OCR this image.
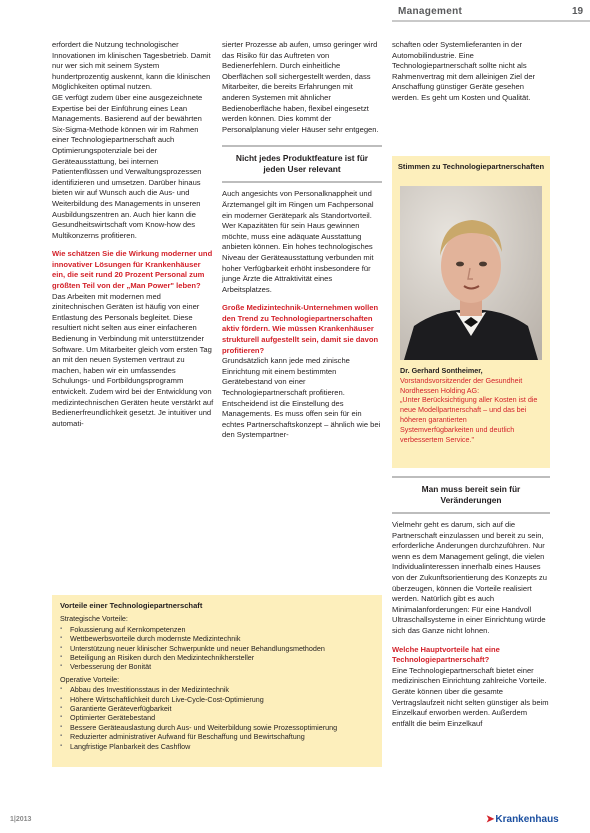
Management	19

erfordert die Nutzung technologischer Innovationen im klinischen Tagesbetrieb. Damit nur wer sich mit seinem System hundertprozentig auskennt, kann die klinischen Möglichkeiten optimal nutzen.

GE verfügt zudem über eine ausgezeichnete Expertise bei der Einführung eines Lean Managements. Basierend auf der bewährten Six-Sigma-Methode können wir im Rahmen einer Technologiepartnerschaft auch Optimierungspotenziale bei der Geräteausstattung, bei internen Patientenflüssen und Verwaltungsprozessen identifizieren und umsetzen. Darüber hinaus bieten wir auf Wunsch auch die Aus- und Weiterbildung des Managements in unseren Ausbildungszentren an. Auch hier kann die Gesundheitswirtschaft vom Know-how des Multikonzerns profitieren.

Wie schätzen Sie die Wirkung moderner und innovativer Lösungen für Krankenhäuser ein, die seit rund 20 Prozent Personal zum größten Teil von der „Man Power" leben?

Das Arbeiten mit modernen med zinitechnischen Geräten ist häufig von einer Entlastung des Personals begleitet. Diese resultiert nicht selten aus einer einfacheren Bedienung in Verbindung mit unterstützender Software. Um Mitarbeiter gleich vom ersten Tag an mit den neuen Systemen vertraut zu machen, haben wir ein umfassendes Schulungs- und Fortbildungsprogramm entwickelt. Zudem wird bei der Entwicklung von medizintechnischen Geräten heute verstärkt auf Bedienerfreundlichkeit gesetzt. Je intuitiver und automati-

sierter Prozesse ab aufen, umso geringer wird das Risiko für das Auftreten von Bedienerfehlern. Durch einheitliche Oberflächen soll sichergestellt werden, dass Mitarbeiter, die bereits Erfahrungen mit anderen Systemen mit ähnlicher Bedienoberfläche haben, flexibel eingesetzt werden können. Dies kommt der Personalplanung vieler Häuser sehr entgegen.

Nicht jedes Produktfeature ist für jeden User relevant

Auch angesichts von Personalknappheit und Ärztemangel gilt im Ringen um Fachpersonal ein moderner Gerätepark als Standortvorteil. Wer Kapazitäten für sein Haus gewinnen möchte, muss eine adäquate Ausstattung anbieten können. Ein hohes technologisches Niveau der Geräteausstattung verbunden mit hoher Verfügbarkeit erhöht insbesondere für junge Ärzte die Attraktivität eines Arbeitsplatzes.

Große Medizintechnik-Unternehmen wollen den Trend zu Technologiepartnerschaften aktiv fördern. Wie müssen Krankenhäuser strukturell aufgestellt sein, damit sie davon profitieren?

Grundsätzlich kann jede med zinische Einrichtung mit einem bestimmten Gerätebestand von einer Technologiepartnerschaft profitieren. Entscheidend ist die Einstellung des Managements. Es muss offen sein für ein echtes Partnerschaftskonzept – ähnlich wie bei den Systempartner-

schaften oder Systemlieferanten in der Automobilindustrie. Eine Technologiepartnerschaft sollte nicht als Rahmenvertrag mit dem alleinigen Ziel der Anschaffung günstiger Geräte gesehen werden. Es geht um Kosten und Qualität.

Stimmen zu Technologiepartnerschaften
Dr. Gerhard Sontheimer,
Vorstandsvorsitzender der Gesundheit Nordhessen Holding AG:
„Unter Berücksichtigung aller Kosten ist die neue Modellpartnerschaft – und das bei höheren garantierten Systemverfügbarkeiten und deutlich verbessertem Service."
Man muss bereit sein für Veränderungen

Vielmehr geht es darum, sich auf die Partnerschaft einzulassen und bereit zu sein, erforderliche Änderungen durchzuführen. Nur wenn es dem Management gelingt, die vielen Individualinteressen innerhalb eines Hauses von der Zukunftsorientierung des Konzepts zu überzeugen, können die Vorteile realisiert werden. Natürlich gibt es auch Minimalanforderungen: Für eine Handvoll Ultraschallsysteme in einer Einrichtung würde sich das Ganze nicht lohnen.

Welche Hauptvorteile hat eine Technologiepartnerschaft?

Eine Technologiepartnerschaft bietet einer medizinischen Einrichtung zahlreiche Vorteile. Geräte können über die gesamte Vertragslaufzeit nicht selten günstiger als beim Einzelkauf erworben werden. Außerdem entfällt die beim Einzelkauf

Vorteile einer Technologiepartnerschaft
Strategische Vorteile:
▪ Fokussierung auf Kernkompetenzen
▪ Wettbewerbsvorteile durch modernste Medizintechnik
▪ Unterstützung neuer klinischer Schwerpunkte und neuer Behandlungsmethoden
▪ Beteiligung an Risiken durch den Medizintechnikhersteller
▪ Verbesserung der Bonität
Operative Vorteile:
▪ Abbau des Investitionsstaus in der Medizintechnik
▪ Höhere Wirtschaftlichkeit durch Live-Cycle-Cost-Optimierung
▪ Garantierte Geräteverfügbarkeit
▪ Optimierter Gerätebestand
▪ Bessere Geräteauslastung durch Aus- und Weiterbildung sowie Prozessoptimierung
▪ Reduzierter administrativer Aufwand für Beschaffung und Bewirtschaftung
▪ Langfristige Planbarkeit des Cashflow
1|2013	➤Krankenhaus
